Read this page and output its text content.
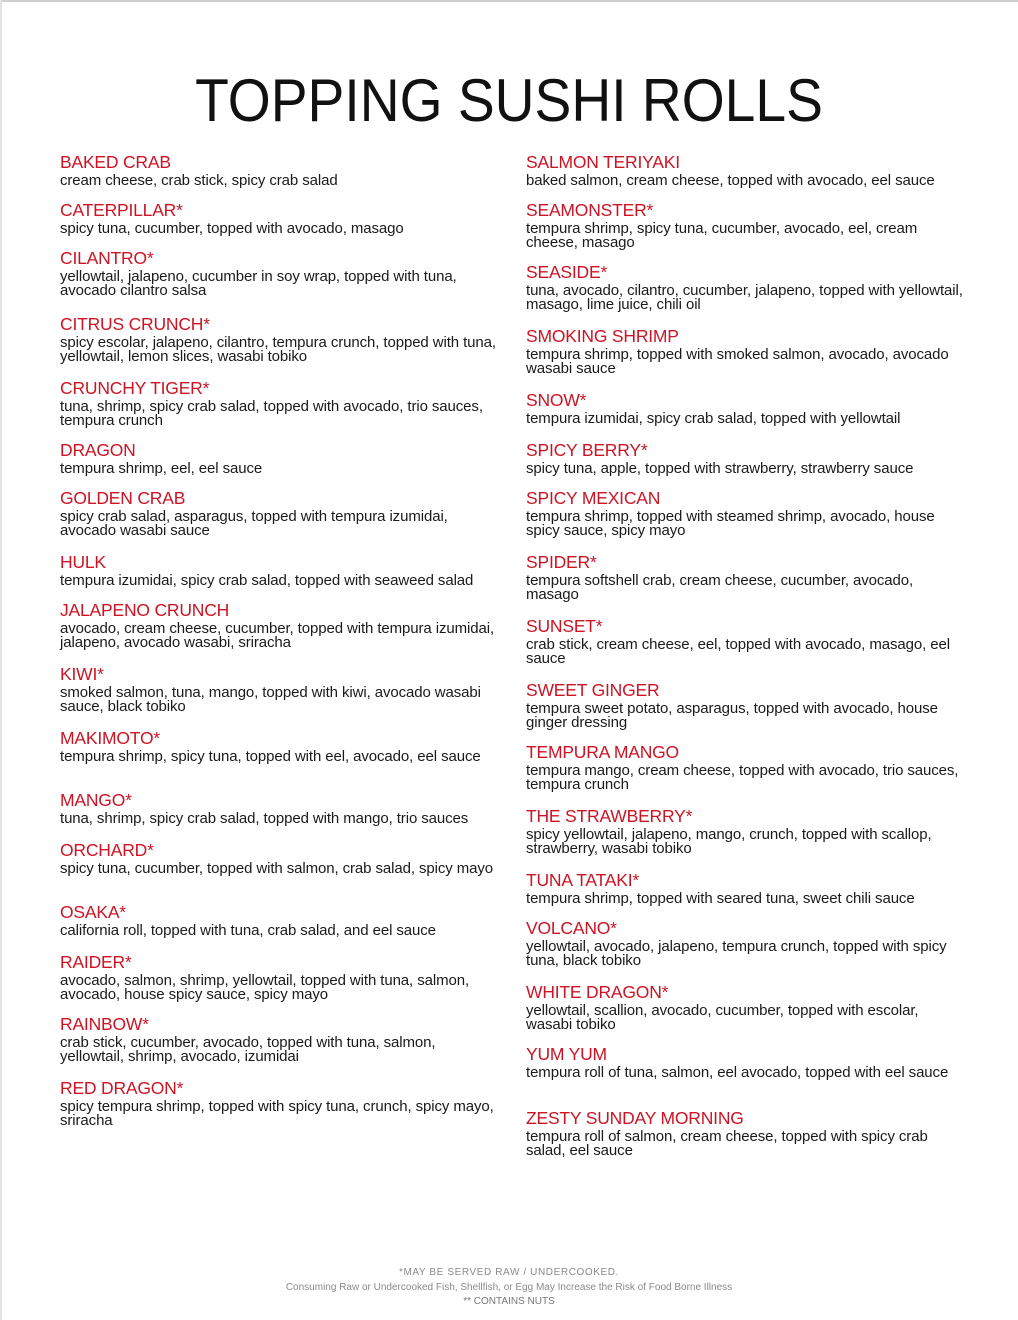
TOPPING SUSHI ROLLS
BAKED CRAB
cream cheese, crab stick, spicy crab salad
CATERPILLAR*
spicy tuna, cucumber, topped with avocado, masago
CILANTRO*
yellowtail, jalapeno, cucumber in soy wrap, topped with tuna, avocado cilantro salsa
CITRUS CRUNCH*
spicy escolar, jalapeno, cilantro, tempura crunch, topped with tuna, yellowtail, lemon slices, wasabi tobiko
CRUNCHY TIGER*
tuna, shrimp, spicy crab salad, topped with avocado, trio sauces, tempura crunch
DRAGON
tempura shrimp, eel, eel sauce
GOLDEN CRAB
spicy crab salad, asparagus, topped with tempura izumidai, avocado wasabi sauce
HULK
tempura izumidai, spicy crab salad, topped with seaweed salad
JALAPENO CRUNCH
avocado, cream cheese, cucumber, topped with tempura izumidai, jalapeno, avocado wasabi, sriracha
KIWI*
smoked salmon, tuna, mango, topped with kiwi, avocado wasabi sauce, black tobiko
MAKIMOTO*
tempura shrimp, spicy tuna, topped with eel, avocado, eel sauce
MANGO*
tuna, shrimp, spicy crab salad, topped with mango, trio sauces
ORCHARD*
spicy tuna, cucumber, topped with salmon, crab salad, spicy mayo
OSAKA*
california roll, topped with tuna, crab salad, and eel sauce
RAIDER*
avocado, salmon, shrimp, yellowtail, topped with tuna, salmon, avocado, house spicy sauce, spicy mayo
RAINBOW*
crab stick, cucumber, avocado, topped with tuna, salmon, yellowtail, shrimp, avocado, izumidai
RED DRAGON*
spicy tempura shrimp, topped with spicy tuna, crunch, spicy mayo, sriracha
SALMON TERIYAKI
baked salmon, cream cheese, topped with avocado, eel sauce
SEAMONSTER*
tempura shrimp, spicy tuna, cucumber, avocado, eel, cream cheese, masago
SEASIDE*
tuna, avocado, cilantro, cucumber, jalapeno, topped with yellowtail, masago, lime juice, chili oil
SMOKING SHRIMP
tempura shrimp, topped with smoked salmon, avocado, avocado wasabi sauce
SNOW*
tempura izumidai, spicy crab salad, topped with yellowtail
SPICY BERRY*
spicy tuna, apple, topped with strawberry, strawberry sauce
SPICY MEXICAN
tempura shrimp, topped with steamed shrimp, avocado, house spicy sauce, spicy mayo
SPIDER*
tempura softshell crab, cream cheese, cucumber, avocado, masago
SUNSET*
crab stick, cream cheese, eel, topped with avocado, masago, eel sauce
SWEET GINGER
tempura sweet potato, asparagus, topped with avocado, house ginger dressing
TEMPURA MANGO
tempura mango, cream cheese, topped with avocado, trio sauces, tempura crunch
THE STRAWBERRY*
spicy yellowtail, jalapeno, mango, crunch, topped with scallop, strawberry, wasabi tobiko
TUNA TATAKI*
tempura shrimp, topped with seared tuna, sweet chili sauce
VOLCANO*
yellowtail, avocado, jalapeno, tempura crunch, topped with spicy tuna, black tobiko
WHITE DRAGON*
yellowtail, scallion, avocado, cucumber, topped with escolar, wasabi tobiko
YUM YUM
tempura roll of tuna, salmon, eel avocado, topped with eel sauce
ZESTY SUNDAY MORNING
tempura roll of salmon, cream cheese, topped with spicy crab salad, eel sauce
*MAY BE SERVED RAW / UNDERCOOKED.
Consuming Raw or Undercooked Fish, Shellfish, or Egg May Increase the Risk of Food Borne Illness
** CONTAINS NUTS
